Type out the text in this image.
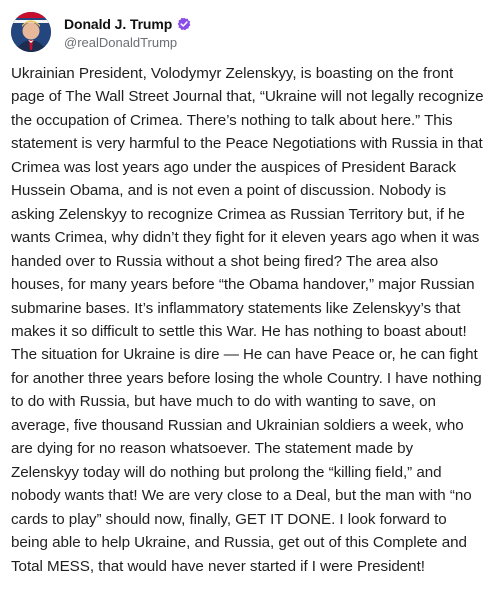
Donald J. Trump
@realDonaldTrump
Ukrainian President, Volodymyr Zelenskyy, is boasting on the front page of The Wall Street Journal that, “Ukraine will not legally recognize the occupation of Crimea. There’s nothing to talk about here.” This statement is very harmful to the Peace Negotiations with Russia in that Crimea was lost years ago under the auspices of President Barack Hussein Obama, and is not even a point of discussion. Nobody is asking Zelenskyy to recognize Crimea as Russian Territory but, if he wants Crimea, why didn’t they fight for it eleven years ago when it was handed over to Russia without a shot being fired? The area also houses, for many years before “the Obama handover,” major Russian submarine bases. It’s inflammatory statements like Zelenskyy’s that makes it so difficult to settle this War. He has nothing to boast about! The situation for Ukraine is dire — He can have Peace or, he can fight for another three years before losing the whole Country. I have nothing to do with Russia, but have much to do with wanting to save, on average, five thousand Russian and Ukrainian soldiers a week, who are dying for no reason whatsoever. The statement made by Zelenskyy today will do nothing but prolong the “killing field,” and nobody wants that! We are very close to a Deal, but the man with “no cards to play” should now, finally, GET IT DONE. I look forward to being able to help Ukraine, and Russia, get out of this Complete and Total MESS, that would have never started if I were President!
